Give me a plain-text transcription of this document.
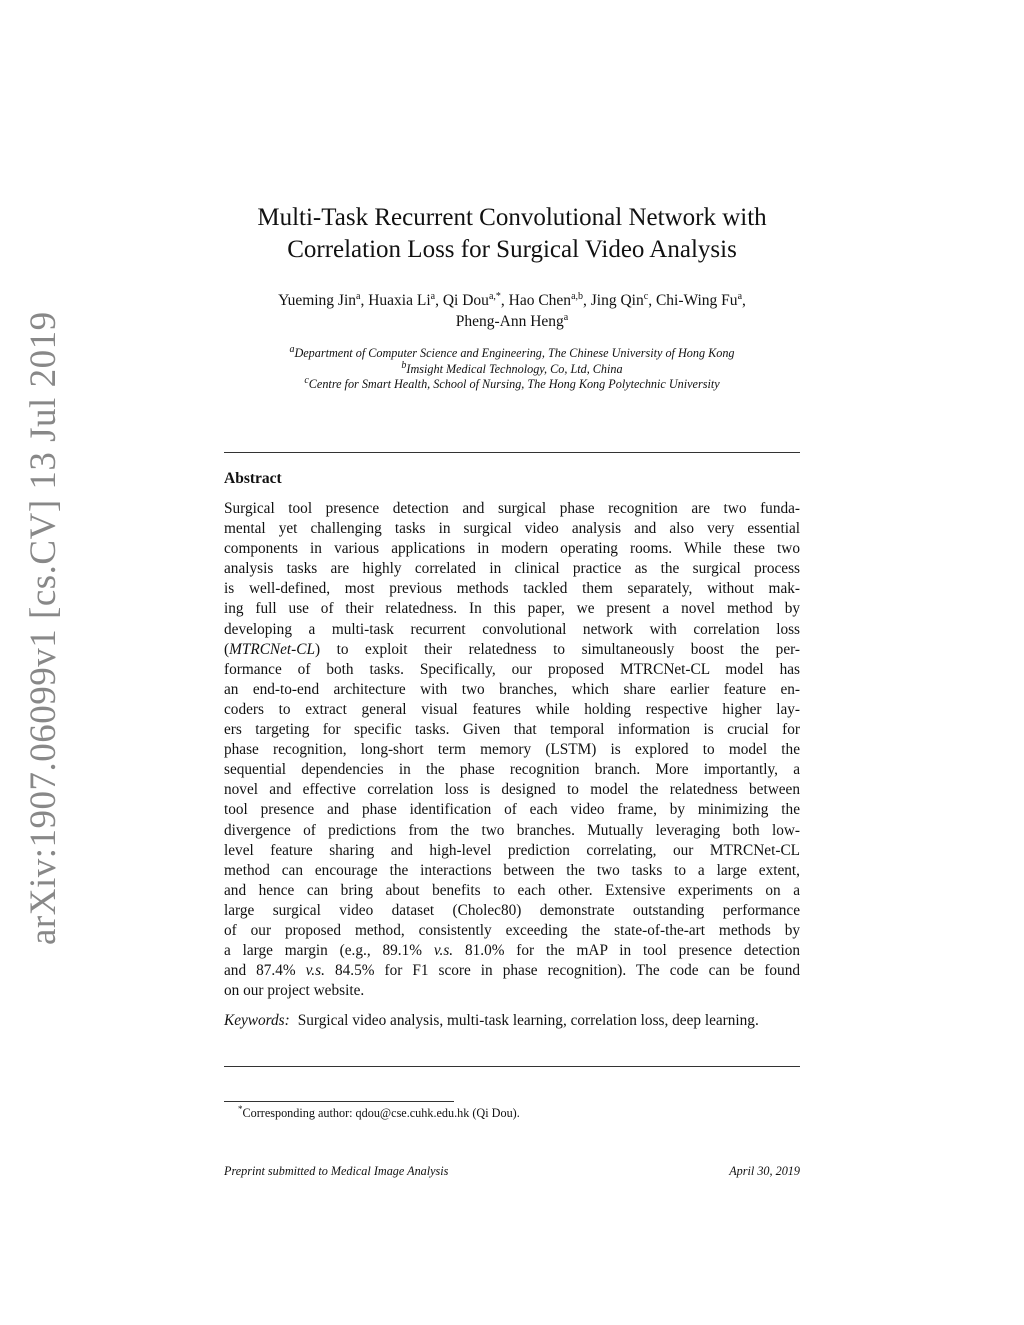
arXiv:1907.06099v1 [cs.CV] 13 Jul 2019
Multi-Task Recurrent Convolutional Network with
Correlation Loss for Surgical Video Analysis
Yueming Jin$^a$, Huaxia Li$^a$, Qi Dou$^{a,*}$, Hao Chen$^{a,b}$, Jing Qin$^c$, Chi-Wing Fu$^a$,
Pheng-Ann Heng$^a$
$^a$Department of Computer Science and Engineering, The Chinese University of Hong Kong
$^b$Imsight Medical Technology, Co, Ltd, China
$^c$Centre for Smart Health, School of Nursing, The Hong Kong Polytechnic University
Abstract
Surgical tool presence detection and surgical phase recognition are two funda-
mental yet challenging tasks in surgical video analysis and also very essential
components in various applications in modern operating rooms. While these two
analysis tasks are highly correlated in clinical practice as the surgical process
is well-defined, most previous methods tackled them separately, without mak-
ing full use of their relatedness. In this paper, we present a novel method by
developing a multi-task recurrent convolutional network with correlation loss
(MTRCNet-CL) to exploit their relatedness to simultaneously boost the per-
formance of both tasks. Specifically, our proposed MTRCNet-CL model has
an end-to-end architecture with two branches, which share earlier feature en-
coders to extract general visual features while holding respective higher lay-
ers targeting for specific tasks. Given that temporal information is crucial for
phase recognition, long-short term memory (LSTM) is explored to model the
sequential dependencies in the phase recognition branch. More importantly, a
novel and effective correlation loss is designed to model the relatedness between
tool presence and phase identification of each video frame, by minimizing the
divergence of predictions from the two branches. Mutually leveraging both low-
level feature sharing and high-level prediction correlating, our MTRCNet-CL
method can encourage the interactions between the two tasks to a large extent,
and hence can bring about benefits to each other. Extensive experiments on a
large surgical video dataset (Cholec80) demonstrate outstanding performance
of our proposed method, consistently exceeding the state-of-the-art methods by
a large margin (e.g., 89.1% v.s. 81.0% for the mAP in tool presence detection
and 87.4% v.s. 84.5% for F1 score in phase recognition). The code can be found
on our project website.
Keywords: Surgical video analysis, multi-task learning, correlation loss, deep learning.
*Corresponding author: qdou@cse.cuhk.edu.hk (Qi Dou).
Preprint submitted to Medical Image Analysis	April 30, 2019
